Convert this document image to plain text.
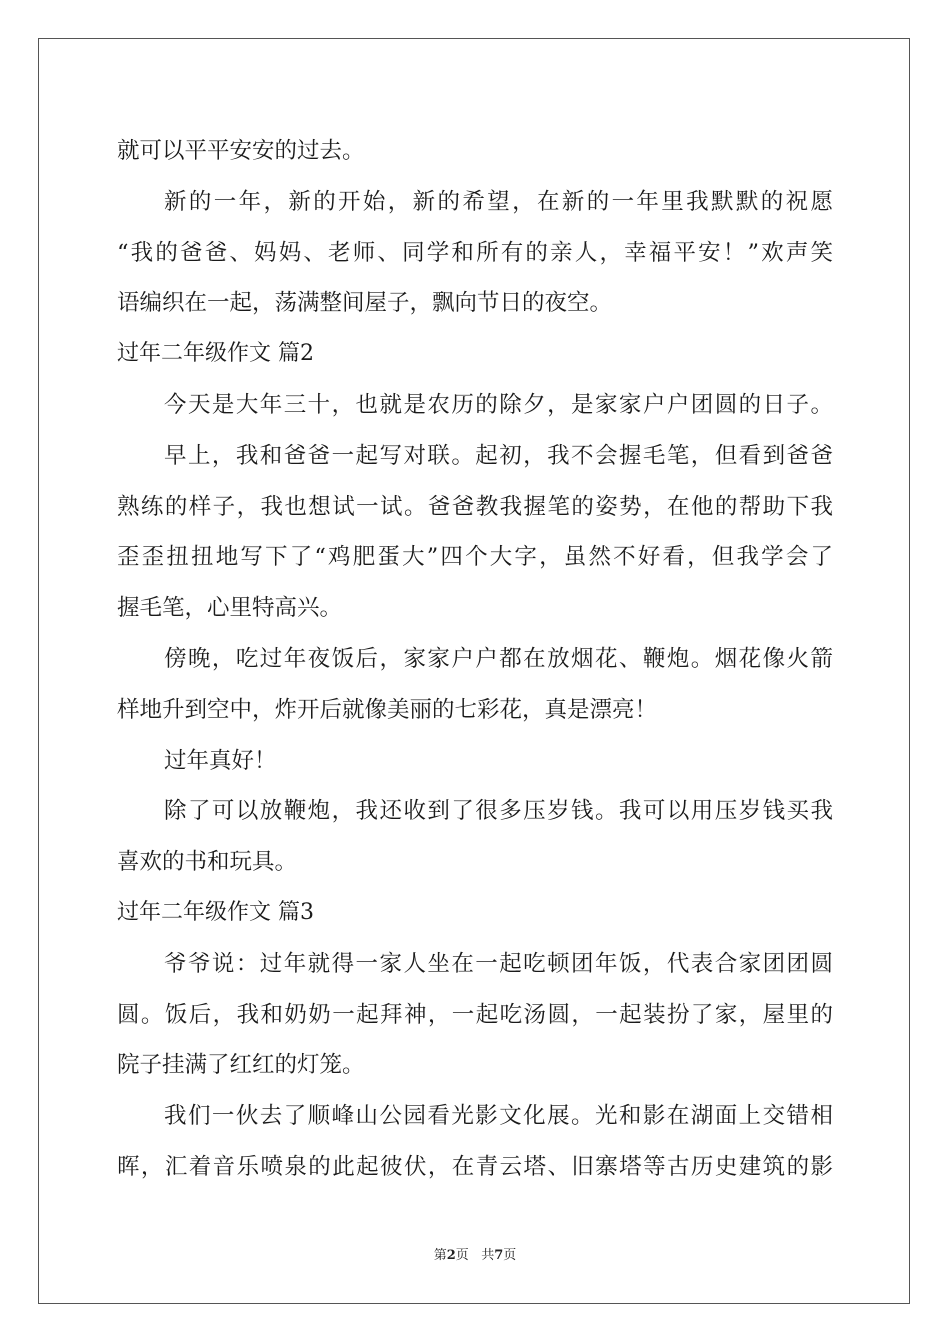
就可以平平安安的过去。
新的一年，新的开始，新的希望，在新的一年里我默默的祝愿
“我的爸爸、妈妈、老师、同学和所有的亲人，幸福平安！”欢声笑
语编织在一起，荡满整间屋子，飘向节日的夜空。
过年二年级作文 篇2
今天是大年三十，也就是农历的除夕，是家家户户团圆的日子。
早上，我和爸爸一起写对联。起初，我不会握毛笔，但看到爸爸
熟练的样子，我也想试一试。爸爸教我握笔的姿势，在他的帮助下我
歪歪扭扭地写下了“鸡肥蛋大”四个大字，虽然不好看，但我学会了
握毛笔，心里特高兴。
傍晚，吃过年夜饭后，家家户户都在放烟花、鞭炮。烟花像火箭
样地升到空中，炸开后就像美丽的七彩花，真是漂亮！
过年真好！
除了可以放鞭炮，我还收到了很多压岁钱。我可以用压岁钱买我
喜欢的书和玩具。
过年二年级作文 篇3
爷爷说：过年就得一家人坐在一起吃顿团年饭，代表合家团团圆
圆。饭后，我和奶奶一起拜神，一起吃汤圆，一起装扮了家，屋里的
院子挂满了红红的灯笼。
我们一伙去了顺峰山公园看光影文化展。光和影在湖面上交错相
晖，汇着音乐喷泉的此起彼伏，在青云塔、旧寨塔等古历史建筑的影
第2页 共7页
